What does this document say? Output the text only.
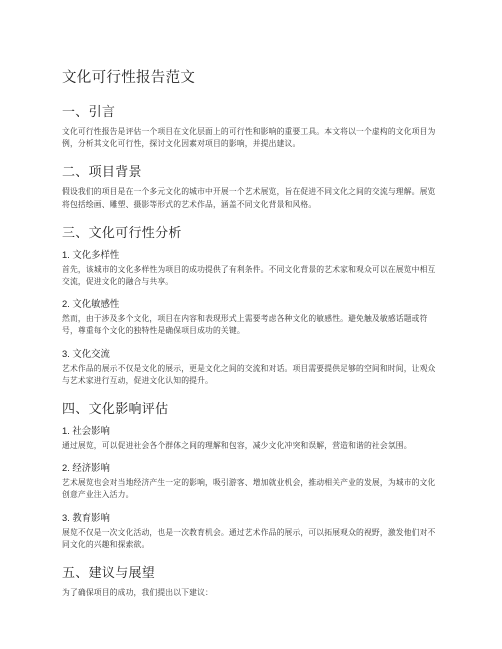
文化可行性报告范文
一、引言

文化可行性报告是评估一个项目在文化层面上的可行性和影响的重要工具。本文将以一个虚构的文化项目为例，分析其文化可行性，探讨文化因素对项目的影响，并提出建议。

二、项目背景

假设我们的项目是在一个多元文化的城市中开展一个艺术展览，旨在促进不同文化之间的交流与理解。展览将包括绘画、雕塑、摄影等形式的艺术作品，涵盖不同文化背景和风格。

三、文化可行性分析
1. 文化多样性

首先，该城市的文化多样性为项目的成功提供了有利条件。不同文化背景的艺术家和观众可以在展览中相互交流，促进文化的融合与共享。

2. 文化敏感性

然而，由于涉及多个文化，项目在内容和表现形式上需要考虑各种文化的敏感性。避免触及敏感话题或符号，尊重每个文化的独特性是确保项目成功的关键。

3. 文化交流

艺术作品的展示不仅是文化的展示，更是文化之间的交流和对话。项目需要提供足够的空间和时间，让观众与艺术家进行互动，促进文化认知的提升。

四、文化影响评估
1. 社会影响

通过展览，可以促进社会各个群体之间的理解和包容，减少文化冲突和误解，营造和谐的社会氛围。

2. 经济影响

艺术展览也会对当地经济产生一定的影响，吸引游客、增加就业机会，推动相关产业的发展，为城市的文化创意产业注入活力。

3. 教育影响

展览不仅是一次文化活动，也是一次教育机会。通过艺术作品的展示，可以拓展观众的视野，激发他们对不同文化的兴趣和探索欲。

五、建议与展望

为了确保项目的成功，我们提出以下建议：
